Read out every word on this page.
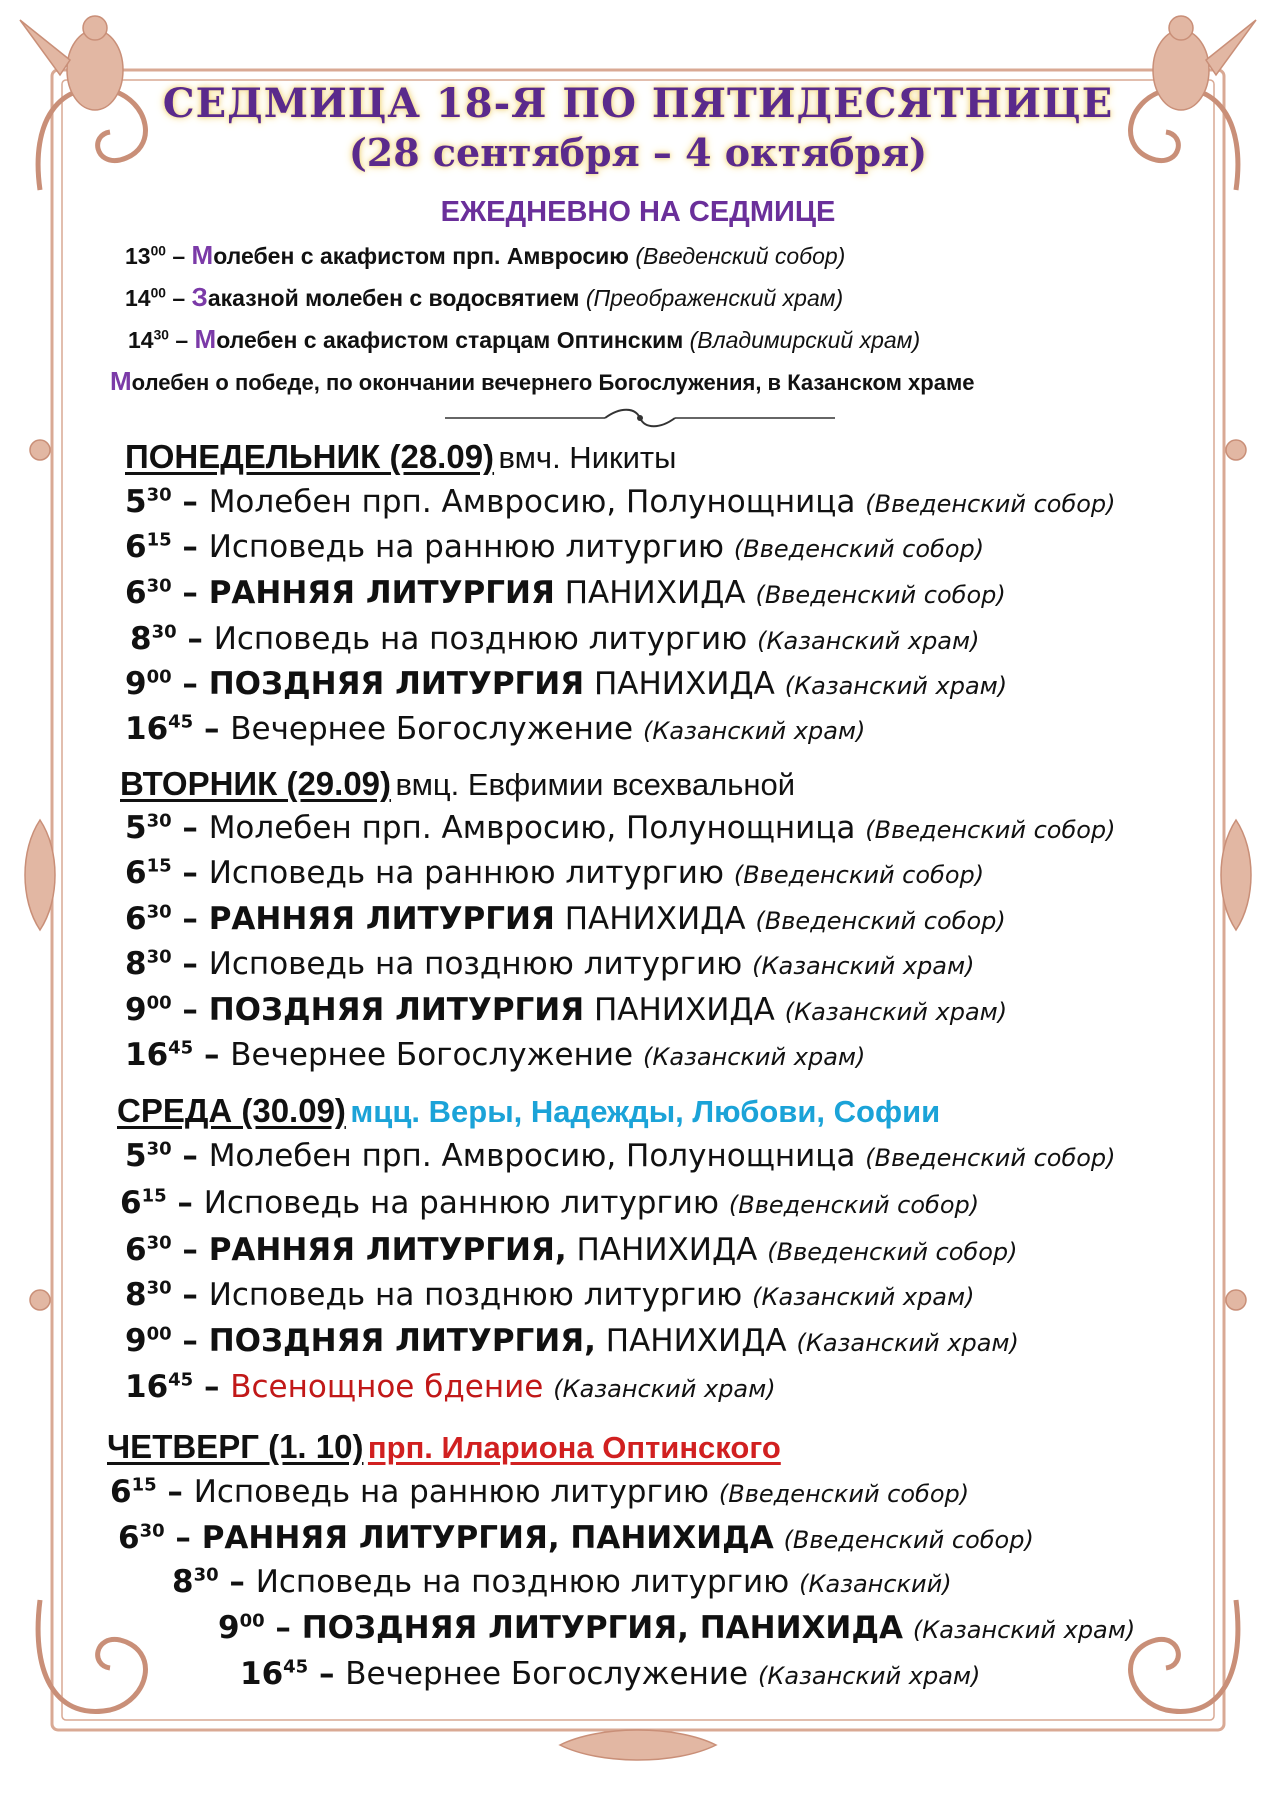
СЕДМИЦА 18-Я ПО ПЯТИДЕСЯТНИЦЕ
(28 сентября – 4 октября)
ЕЖЕДНЕВНО НА СЕДМИЦЕ
$13^{00}$ – Молебен с акафистом прп. Амвросию (Введенский собор)
$14^{00}$ – Заказной молебен с водосвятием (Преображенский храм)
$14^{30}$ – Молебен с акафистом старцам Оптинским (Владимирский храм)
Молебен о победе, по окончании вечернего Богослужения, в Казанском храме
ПОНЕДЕЛЬНИК (28.09) вмч. Никиты
$5^{30}$ – Молебен прп. Амвросию, Полунощница (Введенский собор)
$6^{15}$ – Исповедь на раннюю литургию (Введенский собор)
$6^{30}$ – РАННЯЯ ЛИТУРГИЯ ПАНИХИДА (Введенский собор)
$8^{30}$ – Исповедь на позднюю литургию (Казанский храм)
$9^{00}$ – ПОЗДНЯЯ ЛИТУРГИЯ ПАНИХИДА (Казанский храм)
$16^{45}$ – Вечернее Богослужение (Казанский храм)
ВТОРНИК (29.09) вмц. Евфимии всехвальной
$5^{30}$ – Молебен прп. Амвросию, Полунощница (Введенский собор)
$6^{15}$ – Исповедь на раннюю литургию (Введенский собор)
$6^{30}$ – РАННЯЯ ЛИТУРГИЯ ПАНИХИДА (Введенский собор)
$8^{30}$ – Исповедь на позднюю литургию (Казанский храм)
$9^{00}$ – ПОЗДНЯЯ ЛИТУРГИЯ ПАНИХИДА (Казанский храм)
$16^{45}$ – Вечернее Богослужение (Казанский храм)
СРЕДА (30.09) мцц. Веры, Надежды, Любови, Софии
$5^{30}$ – Молебен прп. Амвросию, Полунощница (Введенский собор)
$6^{15}$ – Исповедь на раннюю литургию (Введенский собор)
$6^{30}$ – РАННЯЯ ЛИТУРГИЯ, ПАНИХИДА (Введенский собор)
$8^{30}$ – Исповедь на позднюю литургию (Казанский храм)
$9^{00}$ – ПОЗДНЯЯ ЛИТУРГИЯ, ПАНИХИДА (Казанский храм)
$16^{45}$ – Всенощное бдение (Казанский храм)
ЧЕТВЕРГ (1. 10) прп. Илариона Оптинского
$6^{15}$ – Исповедь на раннюю литургию (Введенский собор)
$6^{30}$ – РАННЯЯ ЛИТУРГИЯ, ПАНИХИДА (Введенский собор)
$8^{30}$ – Исповедь на позднюю литургию (Казанский)
$9^{00}$ – ПОЗДНЯЯ ЛИТУРГИЯ, ПАНИХИДА (Казанский храм)
$16^{45}$ – Вечернее Богослужение (Казанский храм)
